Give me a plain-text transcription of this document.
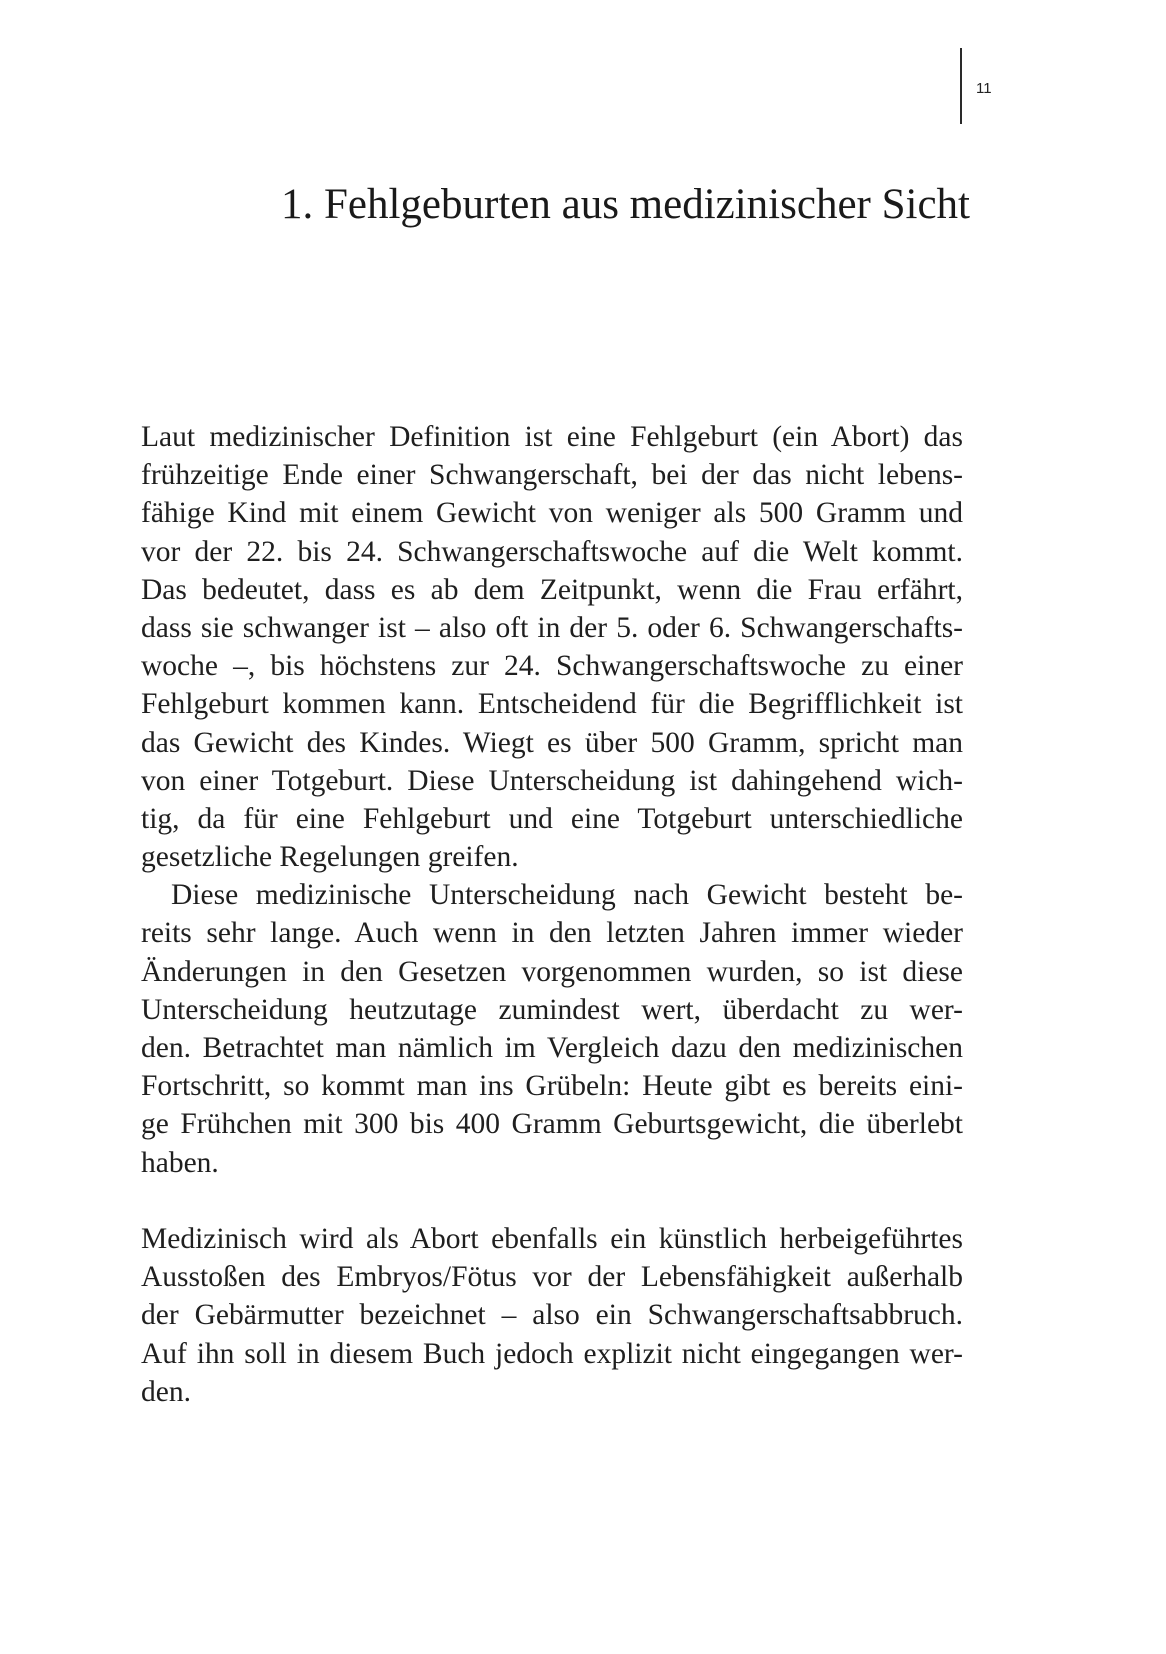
11
1. Fehlgeburten aus medizinischer Sicht
Laut medizinischer Definition ist eine Fehlgeburt (ein Abort) das
frühzeitige Ende einer Schwangerschaft, bei der das nicht lebens-
fähige Kind mit einem Gewicht von weniger als 500 Gramm und
vor der 22. bis 24. Schwangerschaftswoche auf die Welt kommt.
Das bedeutet, dass es ab dem Zeitpunkt, wenn die Frau erfährt,
dass sie schwanger ist – also oft in der 5. oder 6. Schwangerschafts-
woche –, bis höchstens zur 24. Schwangerschaftswoche zu einer
Fehlgeburt kommen kann. Entscheidend für die Begrifflichkeit ist
das Gewicht des Kindes. Wiegt es über 500 Gramm, spricht man
von einer Totgeburt. Diese Unterscheidung ist dahingehend wich-
tig, da für eine Fehlgeburt und eine Totgeburt unterschiedliche
gesetzliche Regelungen greifen.
Diese medizinische Unterscheidung nach Gewicht besteht be-
reits sehr lange. Auch wenn in den letzten Jahren immer wieder
Änderungen in den Gesetzen vorgenommen wurden, so ist diese
Unterscheidung heutzutage zumindest wert, überdacht zu wer-
den. Betrachtet man nämlich im Vergleich dazu den medizinischen
Fortschritt, so kommt man ins Grübeln: Heute gibt es bereits eini-
ge Frühchen mit 300 bis 400 Gramm Geburtsgewicht, die überlebt
haben.
Medizinisch wird als Abort ebenfalls ein künstlich herbeigeführtes
Ausstoßen des Embryos/Fötus vor der Lebensfähigkeit außerhalb
der Gebärmutter bezeichnet – also ein Schwangerschaftsabbruch.
Auf ihn soll in diesem Buch jedoch explizit nicht eingegangen wer-
den.
